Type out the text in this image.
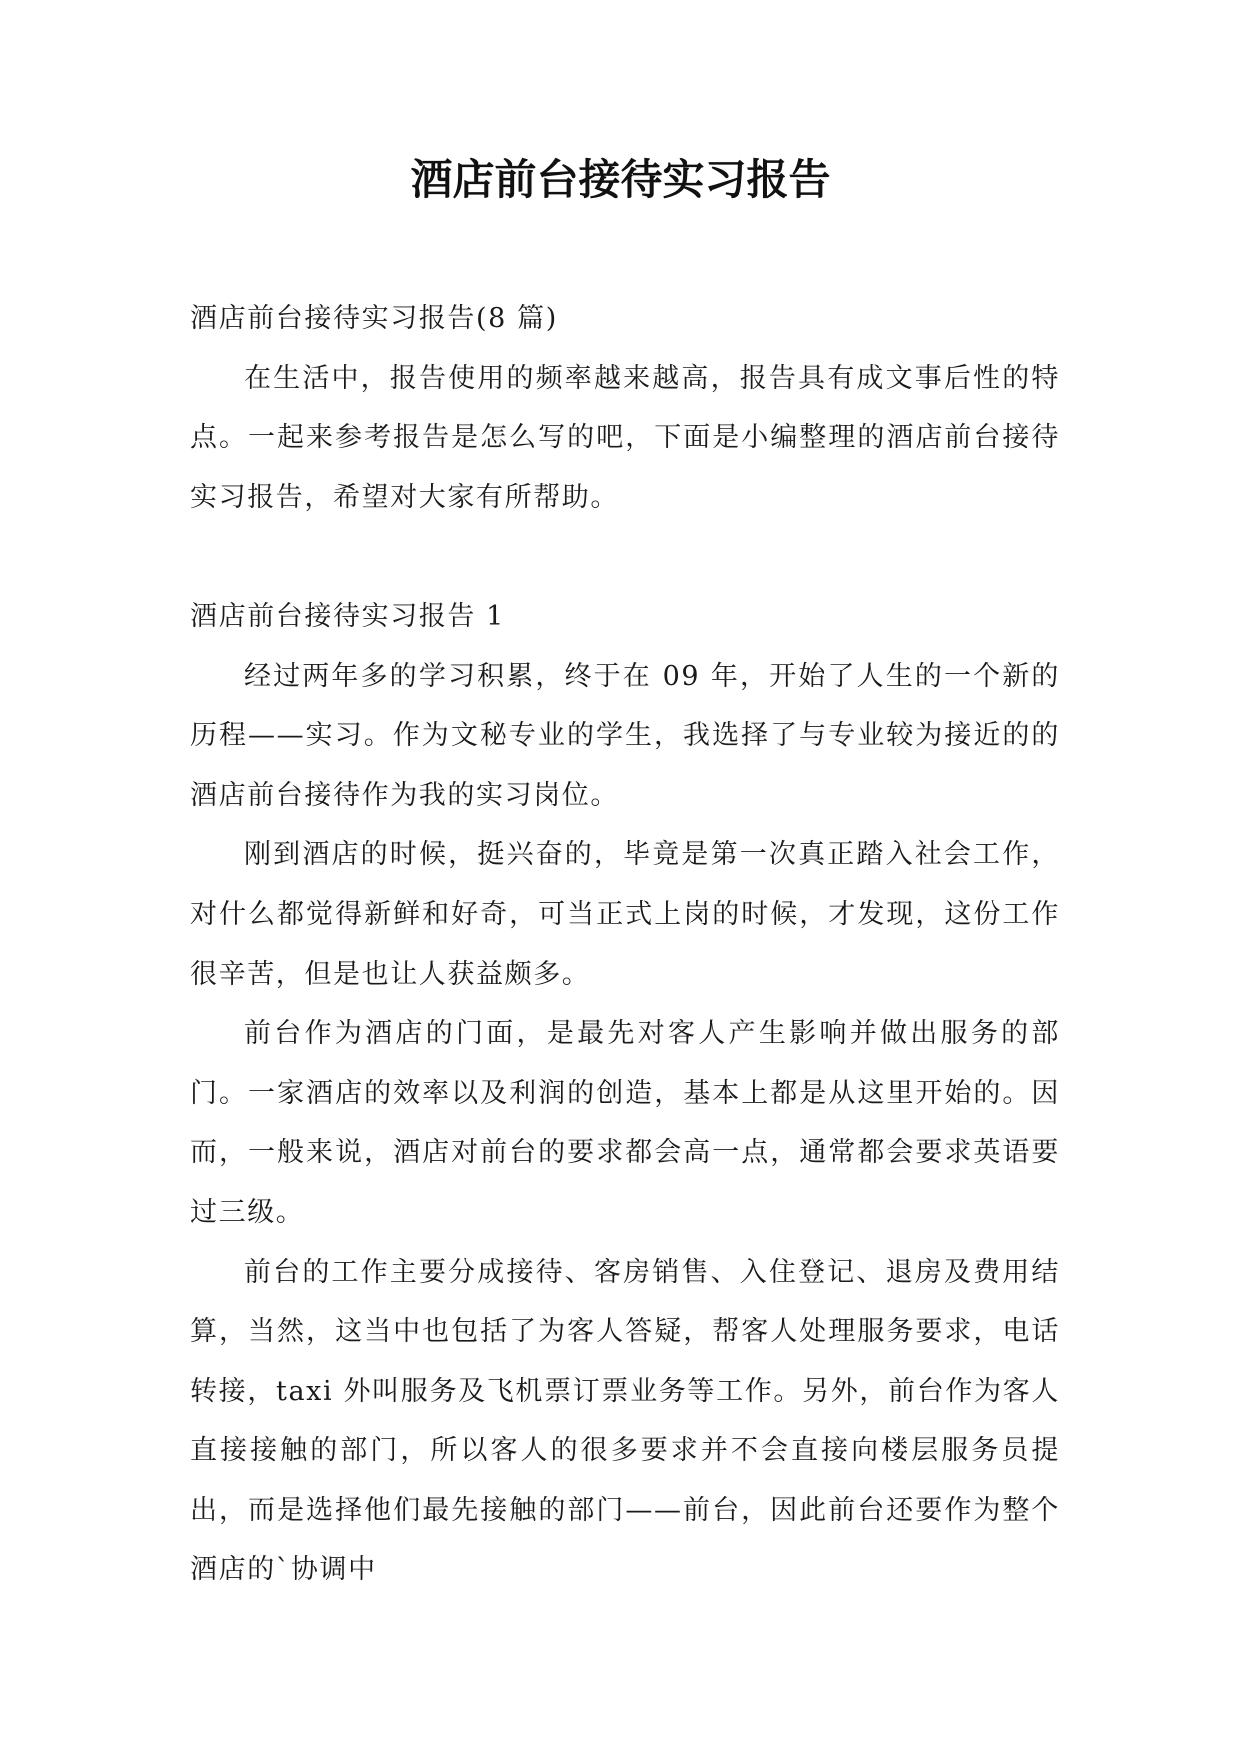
酒店前台接待实习报告

酒店前台接待实习报告(8 篇)

在生活中，报告使用的频率越来越高，报告具有成文事后性的特点。一起来参考报告是怎么写的吧，下面是小编整理的酒店前台接待实习报告，希望对大家有所帮助。

酒店前台接待实习报告 1

经过两年多的学习积累，终于在 09 年，开始了人生的一个新的历程——实习。作为文秘专业的学生，我选择了与专业较为接近的的酒店前台接待作为我的实习岗位。

刚到酒店的时候，挺兴奋的，毕竟是第一次真正踏入社会工作，对什么都觉得新鲜和好奇，可当正式上岗的时候，才发现，这份工作很辛苦，但是也让人获益颇多。

前台作为酒店的门面，是最先对客人产生影响并做出服务的部门。一家酒店的效率以及利润的创造，基本上都是从这里开始的。因而，一般来说，酒店对前台的要求都会高一点，通常都会要求英语要过三级。

前台的工作主要分成接待、客房销售、入住登记、退房及费用结算，当然，这当中也包括了为客人答疑，帮客人处理服务要求，电话转接，taxi 外叫服务及飞机票订票业务等工作。另外，前台作为客人直接接触的部门，所以客人的很多要求并不会直接向楼层服务员提出，而是选择他们最先接触的部门——前台，因此前台还要作为整个酒店的`协调中
